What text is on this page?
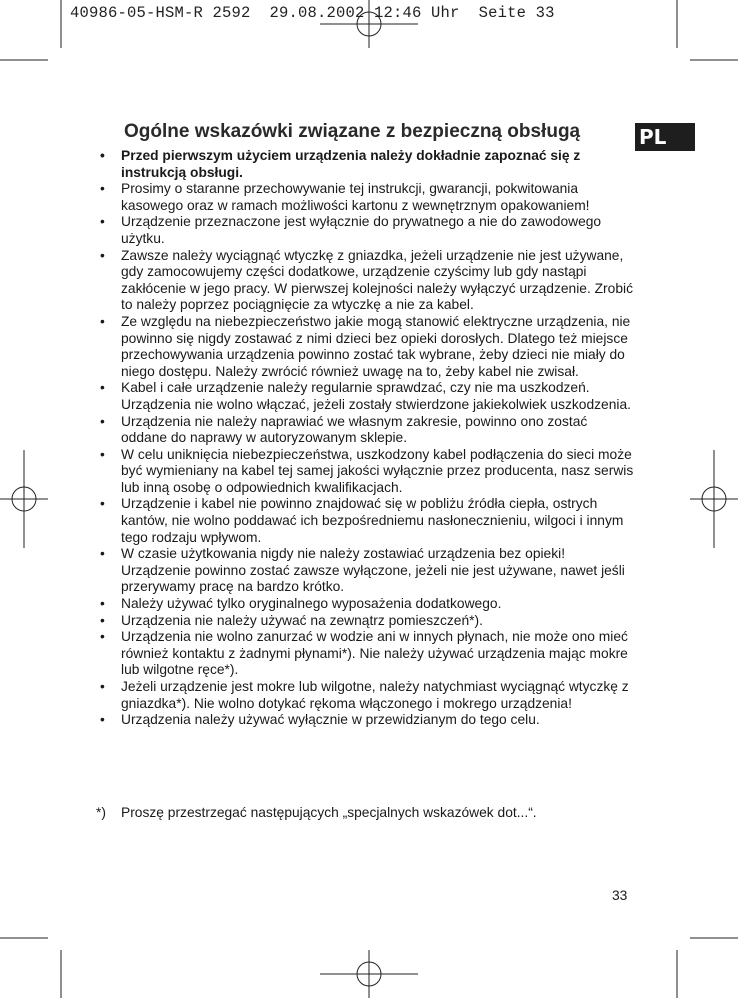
40986-05-HSM-R 2592  29.08.2002 12:46 Uhr  Seite 33
Ogólne wskazówki związane z bezpieczną obsługą	PL
• Przed pierwszym użyciem urządzenia należy dokładnie zapoznać się z instrukcją obsługi.
• Prosimy o staranne przechowywanie tej instrukcji, gwarancji, pokwitowania kasowego oraz w ramach możliwości kartonu z wewnętrznym opakowaniem!
• Urządzenie przeznaczone jest wyłącznie do prywatnego a nie do zawodowego użytku.
• Zawsze należy wyciągnąć wtyczkę z gniazdka, jeżeli urządzenie nie jest używane, gdy zamocowujemy części dodatkowe, urządzenie czyścimy lub gdy nastąpi zakłócenie w jego pracy. W pierwszej kolejności należy wyłączyć urządzenie. Zrobić to należy poprzez pociągnięcie za wtyczkę a nie za kabel.
• Ze względu na niebezpieczeństwo jakie mogą stanowić elektryczne urządzenia, nie powinno się nigdy zostawać z nimi dzieci bez opieki dorosłych. Dlatego też miejsce przechowywania urządzenia powinno zostać tak wybrane, żeby dzieci nie miały do niego dostępu. Należy zwrócić również uwagę na to, żeby kabel nie zwisał.
• Kabel i całe urządzenie należy regularnie sprawdzać, czy nie ma uszkodzeń. Urządzenia nie wolno włączać, jeżeli zostały stwierdzone jakiekolwiek uszkodzenia.
• Urządzenia nie należy naprawiać we własnym zakresie, powinno ono zostać oddane do naprawy w autoryzowanym sklepie.
• W celu uniknięcia niebezpieczeństwa, uszkodzony kabel podłączenia do sieci może być wymieniany na kabel tej samej jakości wyłącznie przez producenta, nasz serwis lub inną osobę o odpowiednich kwalifikacjach.
• Urządzenie i kabel nie powinno znajdować się w pobliżu źródła ciepła, ostrych kantów, nie wolno poddawać ich bezpośredniemu nasłonecznieniu, wilgoci i innym tego rodzaju wpływom.
• W czasie użytkowania nigdy nie należy zostawiać urządzenia bez opieki! Urządzenie powinno zostać zawsze wyłączone, jeżeli nie jest używane, nawet jeśli przerywamy pracę na bardzo krótko.
• Należy używać tylko oryginalnego wyposażenia dodatkowego.
• Urządzenia nie należy używać na zewnątrz pomieszczeń*).
• Urządzenia nie wolno zanurzać w wodzie ani w innych płynach, nie może ono mieć również kontaktu z żadnymi płynami*). Nie należy używać urządzenia mając mokre lub wilgotne ręce*).
• Jeżeli urządzenie jest mokre lub wilgotne, należy natychmiast wyciągnąć wtyczkę z gniazdka*). Nie wolno dotykać rękoma włączonego i mokrego urządzenia!
• Urządzenia należy używać wyłącznie w przewidzianym do tego celu.
*) Proszę przestrzegać następujących „specjalnych wskazówek dot...“.
33
